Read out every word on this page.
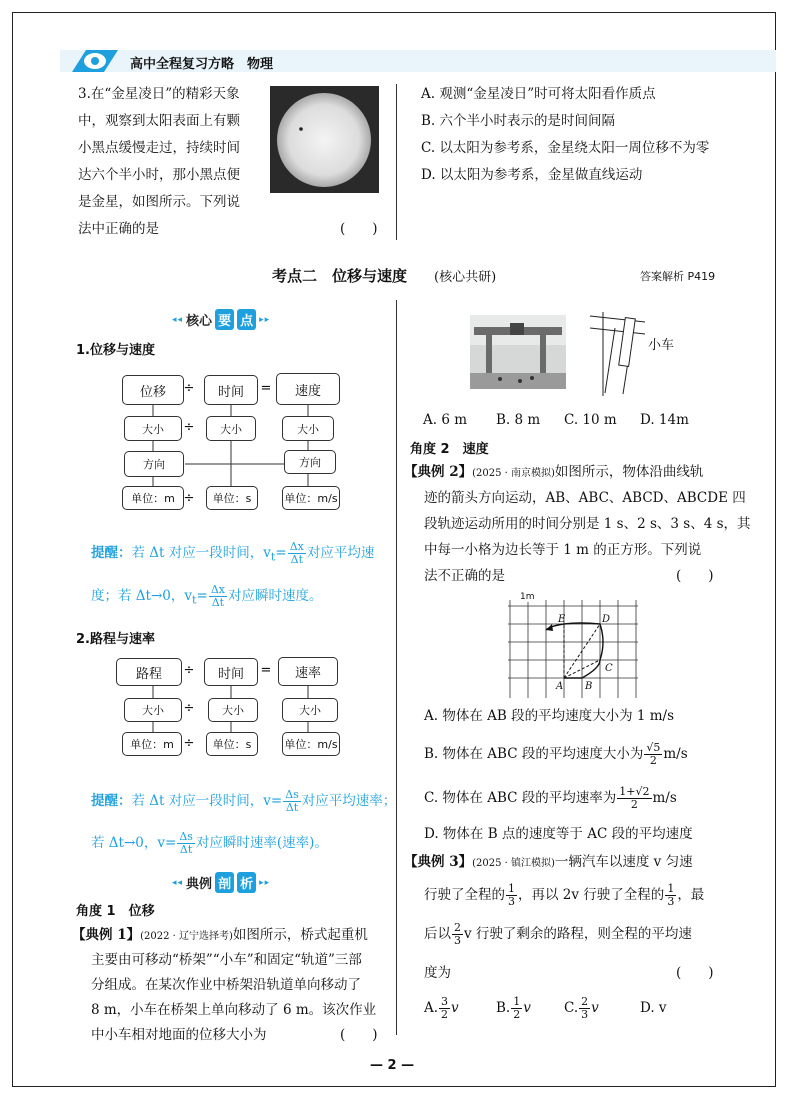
高中全程复习方略　物理
3.在“金星凌日”的精彩天象
中，观察到太阳表面上有颗
小黑点缓慢走过，持续时间
达六个半小时，那小黑点便
是金星，如图所示。下列说
法中正确的是	(　　)
A. 观测“金星凌日”时可将太阳看作质点
B. 六个半小时表示的是时间间隔
C. 以太阳为参考系，金星绕太阳一周位移不为零
D. 以太阳为参考系，金星做直线运动
考点二　位移与速度 (核心共研)	答案解析 P419
◂◂ 核心 要 点 ▸▸
1.位移与速度
位移	÷	时间	=	速度
大小	÷	大小	大小
方向	方向
单位：m ÷	单位：s	单位：m/s
提醒：若 Δt 对应一段时间，$v_t= \frac{\Delta x}{\Delta t}$ 对应平均速
度；若 Δt→0，$v_t= \frac{\Delta x}{\Delta t}$ 对应瞬时速度。
2.路程与速率
路程	÷	时间	=	速率
大小	÷	大小	大小
单位：m ÷	单位：s	单位：m/s
提醒：若 Δt 对应一段时间，$v= \frac{\Delta s}{\Delta t}$ 对应平均速率；
若 Δt→0，$v= \frac{\Delta s}{\Delta t}$ 对应瞬时速率(速率)。
◂◂ 典例 剖 析 ▸▸
角度 1　位移
【典例 1】(2022 · 辽宁选择考)如图所示，桥式起重机
主要由可移动“桥架”“小车”和固定“轨道”三部
分组成。在某次作业中桥架沿轨道单向移动了
8 m，小车在桥架上单向移动了 6 m。该次作业
中小车相对地面的位移大小为	(　　)
小车
A. 6 m B. 8 m C. 10 m D. 14m
角度 2　速度
【典例 2】(2025 · 南京模拟)如图所示，物体沿曲线轨
迹的箭头方向运动，AB、ABC、ABCD、ABCDE 四
段轨迹运动所用的时间分别是 1 s、2 s、3 s、4 s，其
中每一小格为边长等于 1 m 的正方形。下列说
法不正确的是	(　　)
1m
A B
C
D
E
A. 物体在 AB 段的平均速度大小为 1 m/s
B. 物体在 ABC 段的平均速度大小为 $\frac{√5}{2} m/s$
C. 物体在 ABC 段的平均速率为 $\frac{1+√2}{2} m/s$
D. 物体在 B 点的速度等于 AC 段的平均速度
【典例 3】(2025 · 镇江模拟)一辆汽车以速度 v 匀速
行驶了全程的 $\frac{1}{3}$ ，再以 2v 行驶了全程的 $\frac{1}{3}$ ，最
后以 $\frac{2}{3}$ v 行驶了剩余的路程，则全程的平均速
度为	(　　)
A. $\frac{3}{2}$ v	B. $\frac{1}{2}$ v C. $\frac{2}{3}$ v	D. v
— 2 —
